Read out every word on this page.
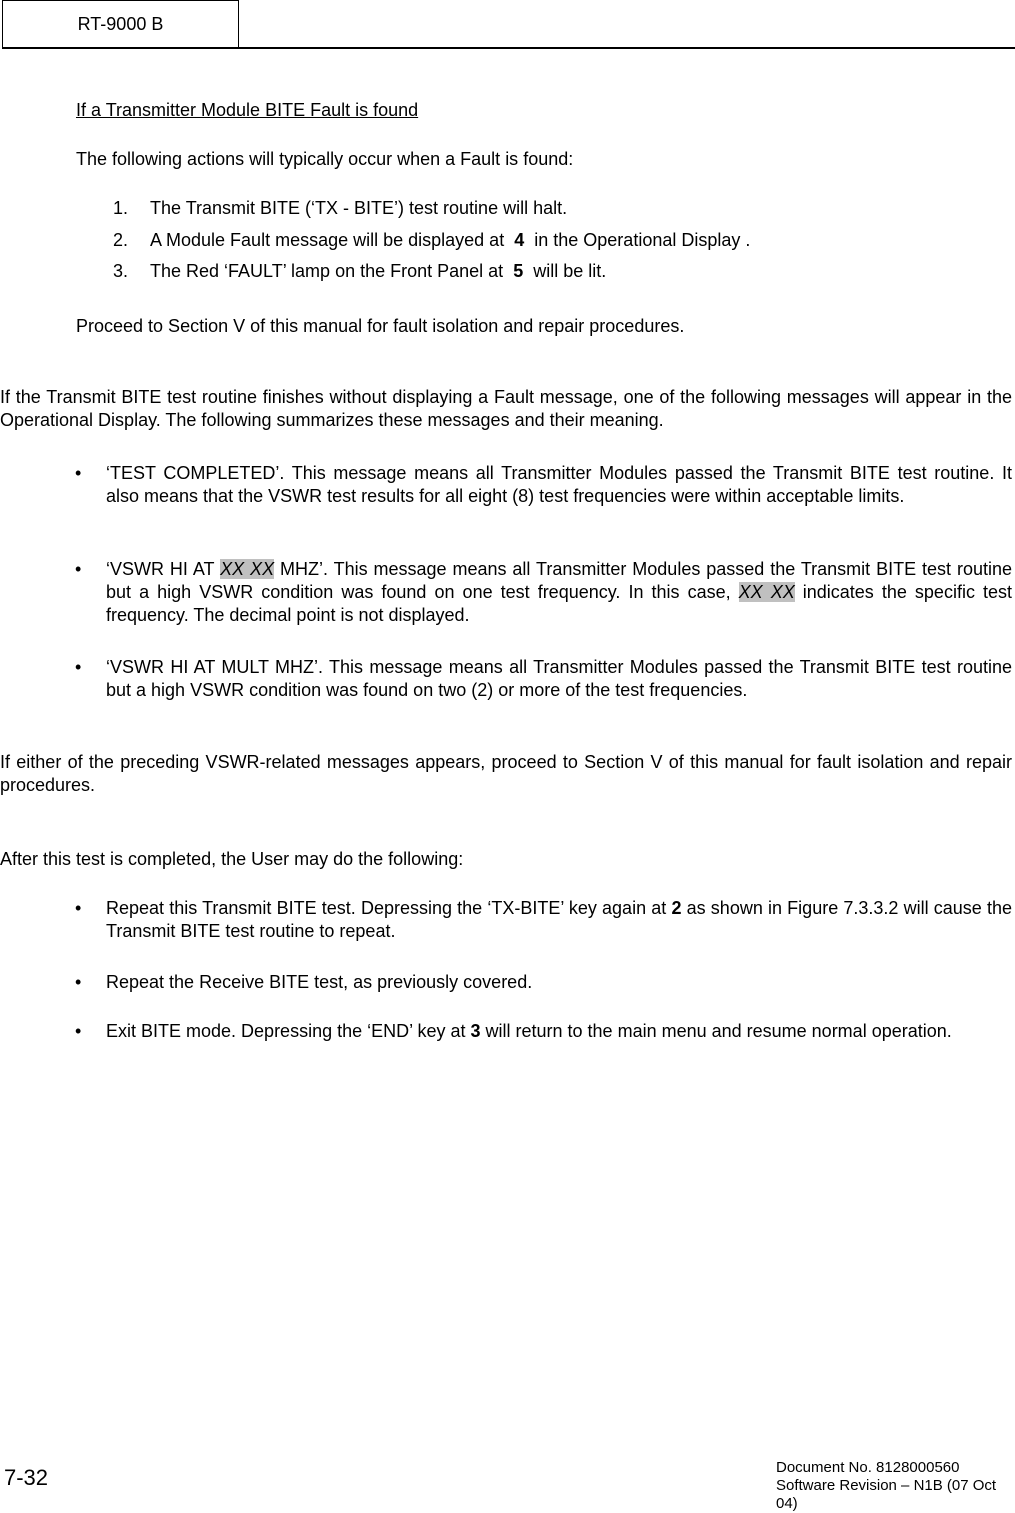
RT-9000 B
If a Transmitter Module BITE Fault is found
The following actions will typically occur when a Fault is found:
1. The Transmit BITE (‘TX - BITE’) test routine will halt.
2. A Module Fault message will be displayed at  4  in the Operational Display .
3. The Red ‘FAULT’ lamp on the Front Panel at  5  will be lit.
Proceed to Section V of this manual for fault isolation and repair procedures.
If the Transmit BITE test routine finishes without displaying a Fault message, one of the following messages will appear in the Operational Display. The following summarizes these messages and their meaning.
• ‘TEST COMPLETED’. This message means all Transmitter Modules passed the Transmit BITE test routine. It also means that the VSWR test results for all eight (8) test frequencies were within acceptable limits.
• ‘VSWR HI AT XX XX MHZ’. This message means all Transmitter Modules passed the Transmit BITE test routine but a high VSWR condition was found on one test frequency. In this case, XX XX indicates the specific test frequency. The decimal point is not displayed.
• ‘VSWR HI AT MULT MHZ’. This message means all Transmitter Modules passed the Transmit BITE test routine but a high VSWR condition was found on two (2) or more of the test frequencies.
If either of the preceding VSWR-related messages appears, proceed to Section V of this manual for fault isolation and repair procedures.
After this test is completed, the User may do the following:
• Repeat this Transmit BITE test. Depressing the ‘TX-BITE’ key again at 2 as shown in Figure 7.3.3.2 will cause the Transmit BITE test routine to repeat.
• Repeat the Receive BITE test, as previously covered.
• Exit BITE mode. Depressing the ‘END’ key at 3 will return to the main menu and resume normal operation.
7-32	Document No. 8128000560
Software Revision – N1B (07 Oct 04)
